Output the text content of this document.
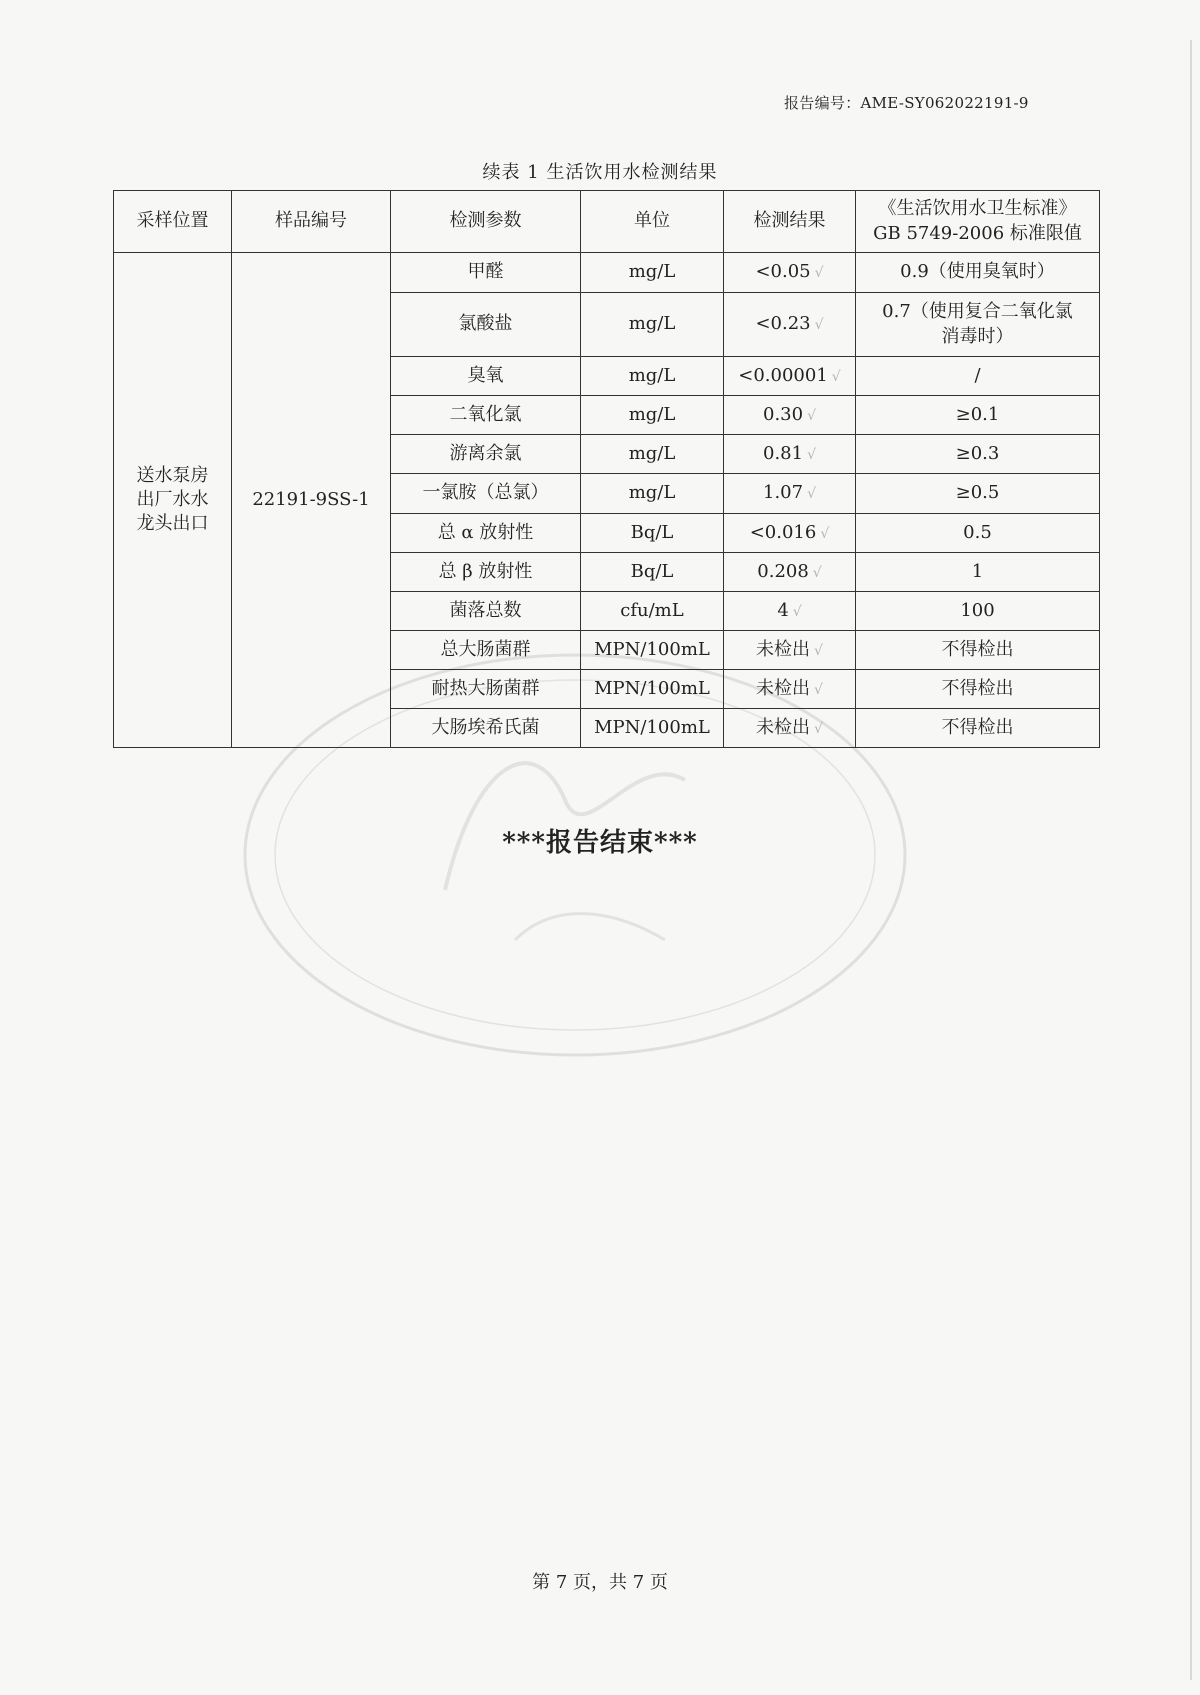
报告编号：AME-SY062022191-9
续表 1 生活饮用水检测结果
采样位置	样品编号	检测参数	单位	检测结果	《生活饮用水卫生标准》
GB 5749-2006 标准限值

送水泵房
出厂水水
龙头出口	22191-9SS-1	甲醛	mg/L	<0.05 √	0.9（使用臭氧时）

		氯酸盐	mg/L	<0.23 √	0.7（使用复合二氧化氯
消毒时）

		臭氧	mg/L	<0.00001 √	/

		二氧化氯	mg/L	0.30 √	≥0.1

		游离余氯	mg/L	0.81 √	≥0.3

		一氯胺（总氯）	mg/L	1.07 √	≥0.5

		总 α 放射性	Bq/L	<0.016 √	0.5

		总 β 放射性	Bq/L	0.208 √	1

		菌落总数	cfu/mL	4 √	100

		总大肠菌群	MPN/100mL	未检出 √	不得检出

		耐热大肠菌群	MPN/100mL	未检出 √	不得检出

		大肠埃希氏菌	MPN/100mL	未检出 √	不得检出
***报告结束***
第 7 页，共 7 页
